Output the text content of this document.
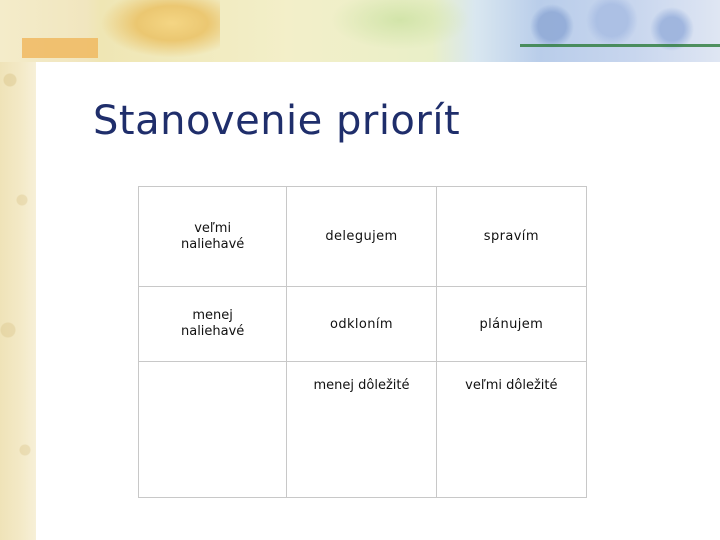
Stanovenie priorít
veľmi
naliehavé	delegujem	spravím

menej
naliehavé	odkloním	plánujem
	menej dôležité	veľmi dôležité
